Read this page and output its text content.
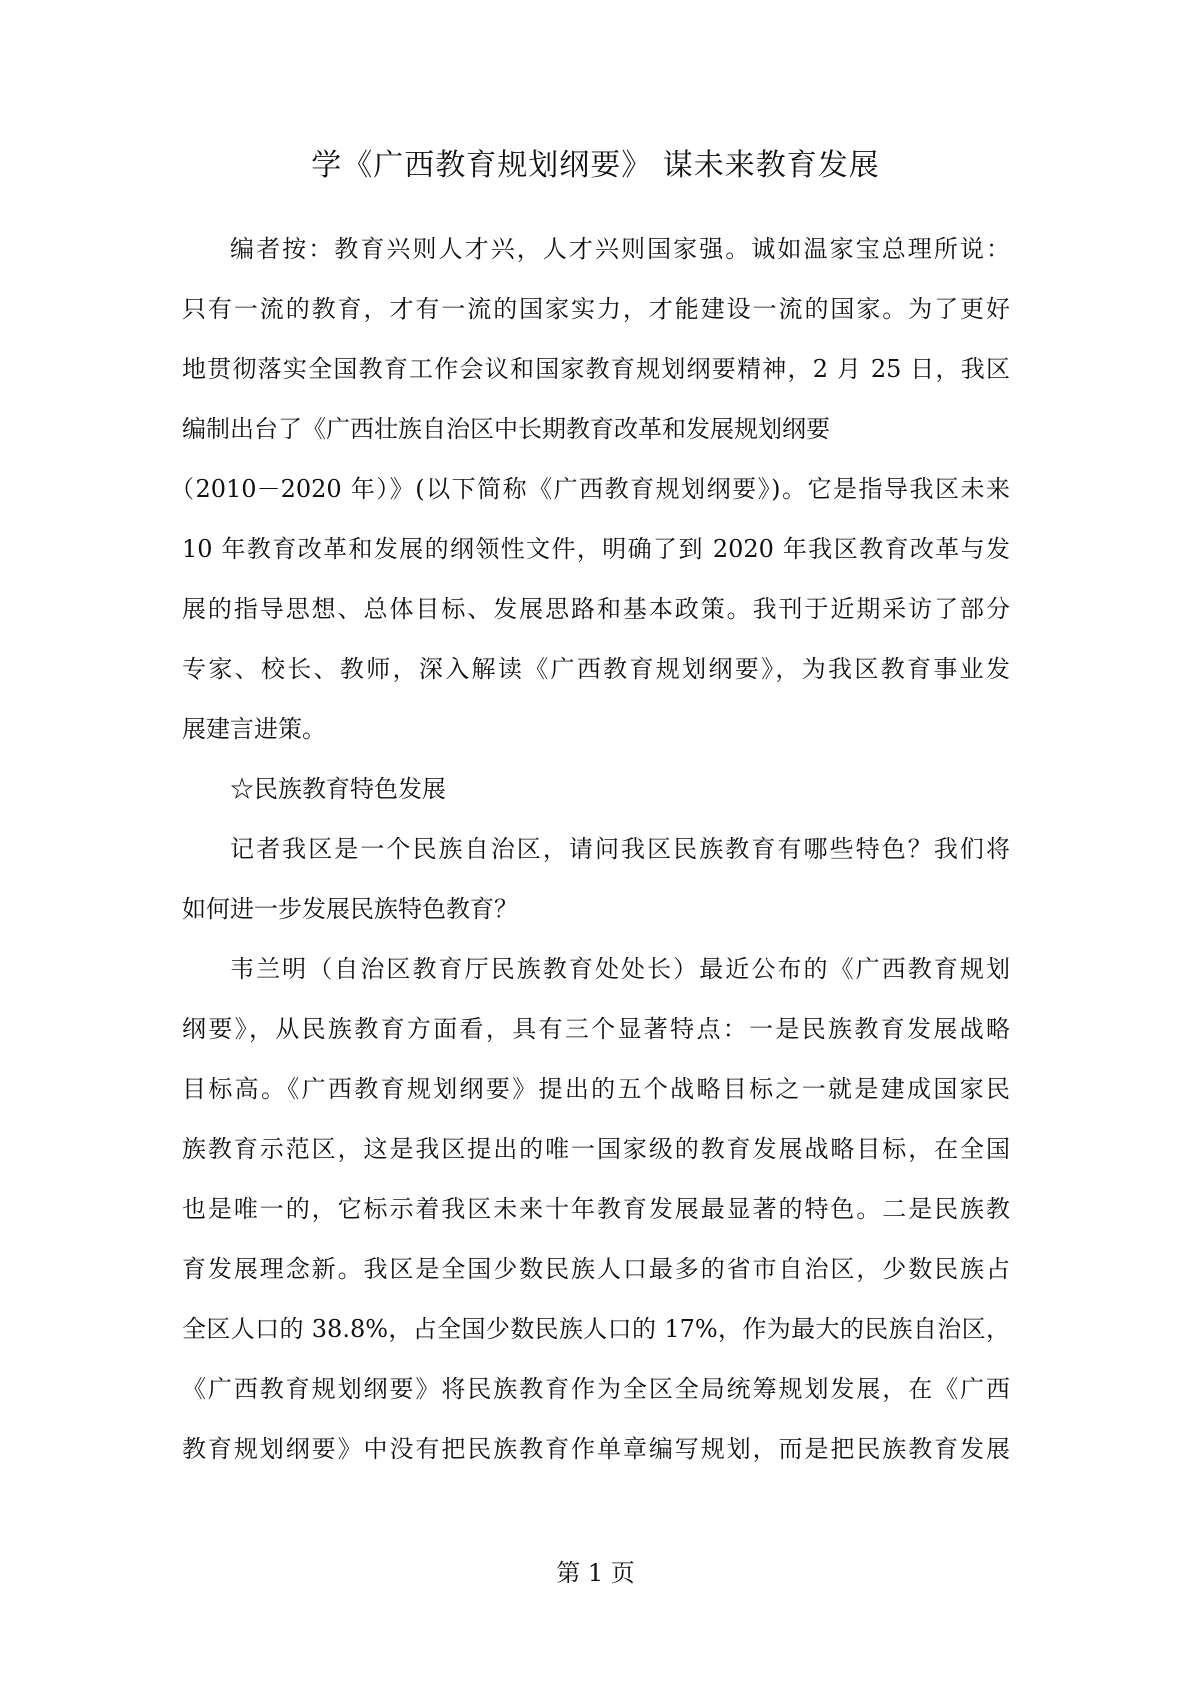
学《广西教育规划纲要》 谋未来教育发展
编者按：教育兴则人才兴，人才兴则国家强。诚如温家宝总理所说：
只有一流的教育，才有一流的国家实力，才能建设一流的国家。为了更好
地贯彻落实全国教育工作会议和国家教育规划纲要精神，2 月 25 日，我区
编制出台了《广西壮族自治区中长期教育改革和发展规划纲要
（2010－2020 年）》(以下简称《广西教育规划纲要》)。它是指导我区未来
10 年教育改革和发展的纲领性文件，明确了到 2020 年我区教育改革与发
展的指导思想、总体目标、发展思路和基本政策。我刊于近期采访了部分
专家、校长、教师，深入解读《广西教育规划纲要》，为我区教育事业发
展建言进策。
☆民族教育特色发展
记者我区是一个民族自治区，请问我区民族教育有哪些特色？我们将
如何进一步发展民族特色教育？
韦兰明（自治区教育厅民族教育处处长）最近公布的《广西教育规划
纲要》，从民族教育方面看，具有三个显著特点：一是民族教育发展战略
目标高。《广西教育规划纲要》提出的五个战略目标之一就是建成国家民
族教育示范区，这是我区提出的唯一国家级的教育发展战略目标，在全国
也是唯一的，它标示着我区未来十年教育发展最显著的特色。二是民族教
育发展理念新。我区是全国少数民族人口最多的省市自治区，少数民族占
全区人口的 38.8%，占全国少数民族人口的 17%，作为最大的民族自治区，
《广西教育规划纲要》将民族教育作为全区全局统筹规划发展，在《广西
教育规划纲要》中没有把民族教育作单章编写规划，而是把民族教育发展
第 1 页
